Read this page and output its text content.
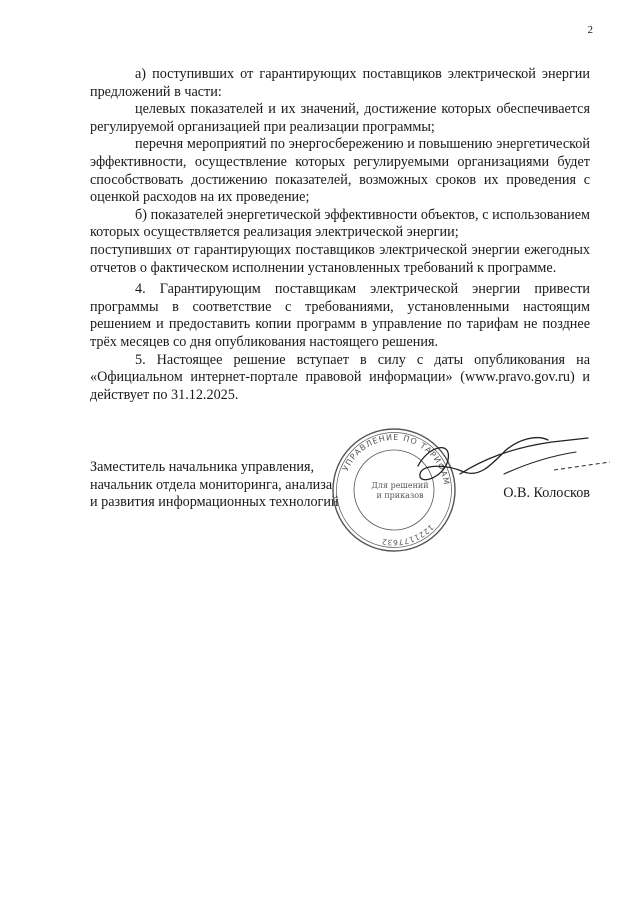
2

а) поступивших от гарантирующих поставщиков электрической энергии предложений в части:

целевых показателей и их значений, достижение которых обеспечивается регулируемой организацией при реализации программы;

перечня мероприятий по энергосбережению и повышению энергетической эффективности, осуществление которых регулируемыми организациями будет способствовать достижению показателей, возможных сроков их проведения с оценкой расходов на их проведение;

б) показателей энергетической эффективности объектов, с использованием которых осуществляется реализация электрической энергии;

поступивших от гарантирующих поставщиков электрической энергии ежегодных отчетов о фактическом исполнении установленных требований к программе.

4. Гарантирующим поставщикам электрической энергии привести программы в соответствие с требованиями, установленными настоящим решением и предоставить копии программ в управление по тарифам не позднее трёх месяцев со дня опубликования настоящего решения.

5. Настоящее решение вступает в силу с даты опубликования на «Официальном интернет-портале правовой информации» (www.pravo.gov.ru) и действует по 31.12.2025.

Заместитель начальника управления,
начальник отдела мониторинга, анализа
и развития информационных технологий
УПРАВЛЕНИЕ ПО ТАРИФАМ
1221177632
Для решений
и приказов	О.В. Колосков
